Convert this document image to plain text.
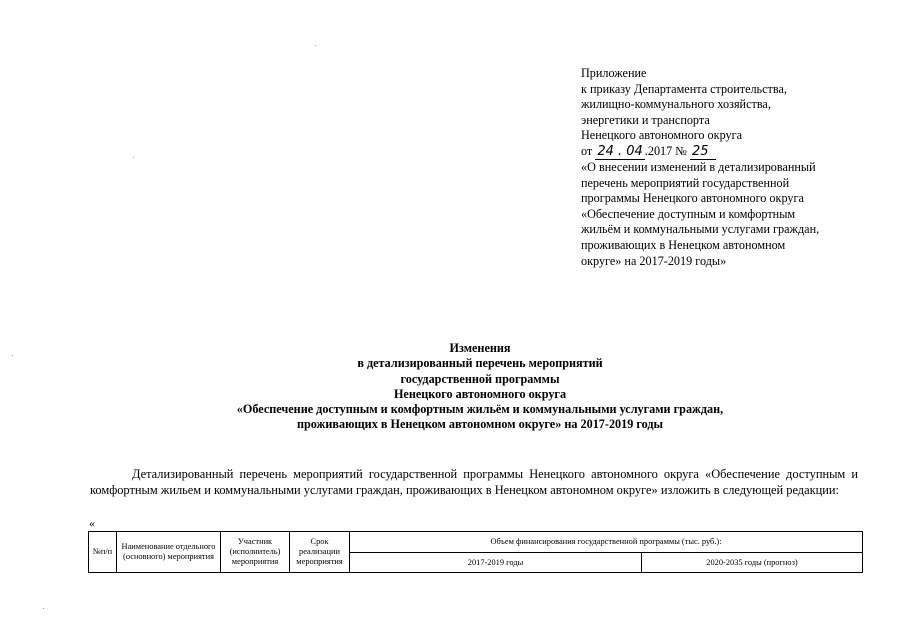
Приложение
к приказу Департамента строительства,
жилищно-коммунального хозяйства,
энергетики и транспорта
Ненецкого автономного округа
от 24 . 04 .2017 № 25
«О внесении изменений в детализированный
перечень мероприятий государственной
программы Ненецкого автономного округа
«Обеспечение доступным и комфортным
жильём и коммунальными услугами граждан,
проживающих в Ненецком автономном
округе» на 2017-2019 годы»
Изменения
в детализированный перечень мероприятий
государственной программы
Ненецкого автономного округа
«Обеспечение доступным и комфортным жильём и коммунальными услугами граждан,
проживающих в Ненецком автономном округе» на 2017-2019 годы

Детализированный перечень мероприятий государственной программы Ненецкого автономного округа «Обеспечение доступным и комфортным жильем и коммунальными услугами граждан, проживающих в Ненецком автономном округе» изложить в следующей редакции:

«
№п/п	Наименование отдельного (основного) мероприятия	Участник (исполнитель) мероприятия	Срок реализации мероприятия	Объем финансирования государственной программы (тыс. руб.):	
				2017-2019 годы	2020-2035 годы (прогноз)
